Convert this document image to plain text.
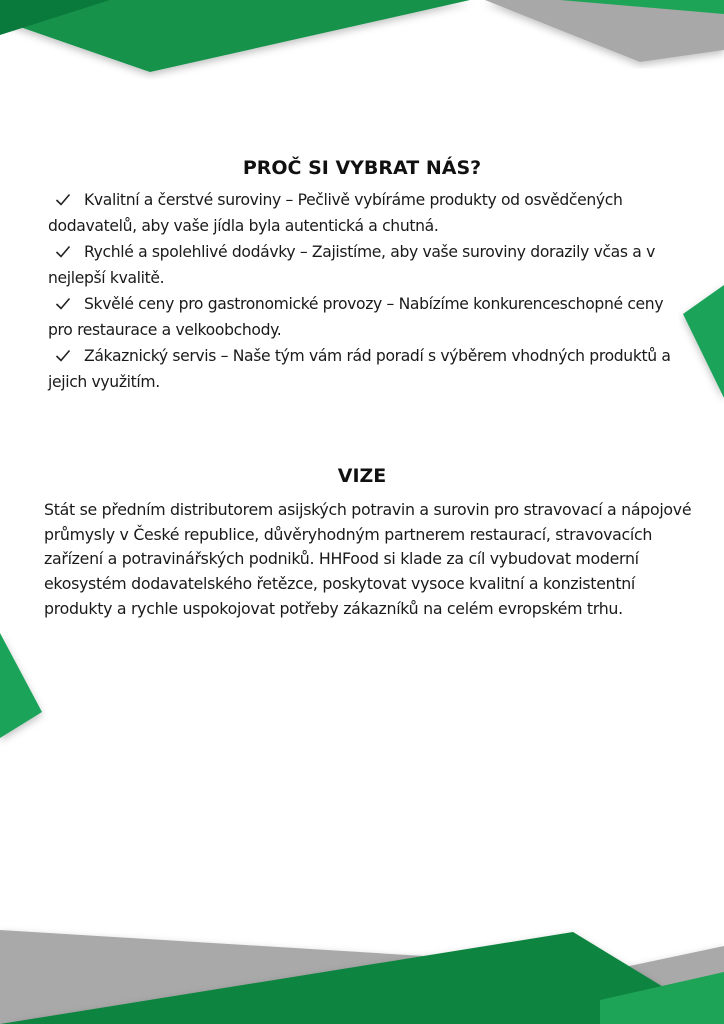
PROČ SI VYBRAT NÁS?
Kvalitní a čerstvé suroviny – Pečlivě vybíráme produkty od osvědčených dodavatelů, aby vaše jídla byla autentická a chutná.
Rychlé a spolehlivé dodávky – Zajistíme, aby vaše suroviny dorazily včas a v nejlepší kvalitě.
Skvělé ceny pro gastronomické provozy – Nabízíme konkurenceschopné ceny pro restaurace a velkoobchody.
Zákaznický servis – Naše tým vám rád poradí s výběrem vhodných produktů a jejich využitím.
VIZE

Stát se předním distributorem asijských potravin a surovin pro stravovací a nápojové průmysly v České republice, důvěryhodným partnerem restaurací, stravovacích zařízení a potravinářských podniků. HHFood si klade za cíl vybudovat moderní ekosystém dodavatelského řetězce, poskytovat vysoce kvalitní a konzistentní produkty a rychle uspokojovat potřeby zákazníků na celém evropském trhu.
